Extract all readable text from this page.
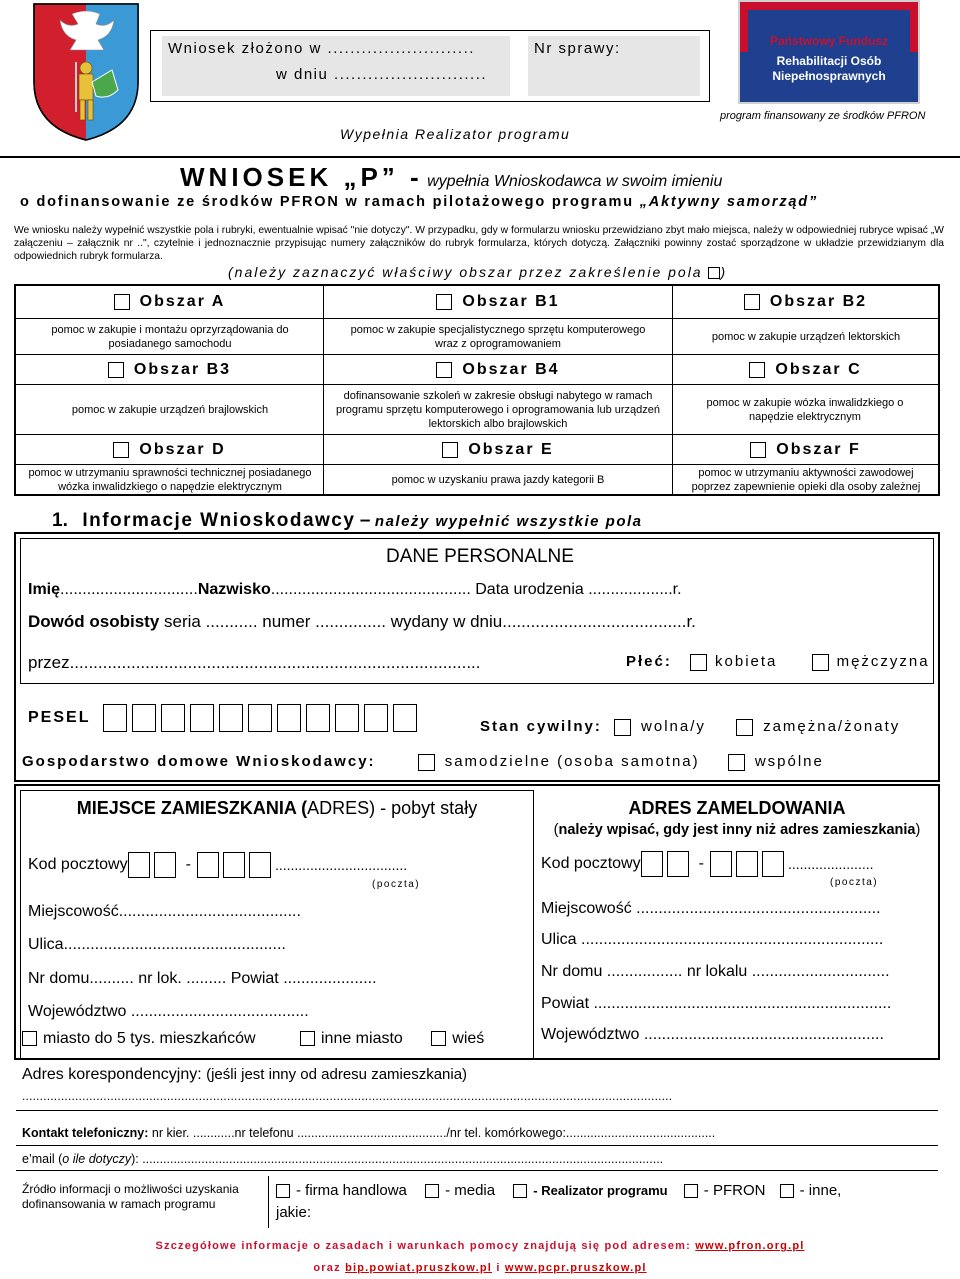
Wniosek złożono w ..........................
w dniu ...........................
Nr sprawy:
Wypełnia Realizator programu
Państwowy Fundusz
Rehabilitacji Osób
Niepełnosprawnych
program finansowany ze środków PFRON
WNIOSEK „P” - wypełnia Wnioskodawca w swoim imieniu
o dofinansowanie ze środków PFRON w ramach pilotażowego programu „Aktywny samorząd”
We wniosku należy wypełnić wszystkie pola i rubryki, ewentualnie wpisać "nie dotyczy". W przypadku, gdy w formularzu wniosku przewidziano zbyt mało miejsca, należy w odpowiedniej rubryce wpisać „W załączeniu – załącznik nr ..", czytelnie i jednoznacznie przypisując numery załączników do rubryk formularza, których dotyczą. Załączniki powinny zostać sporządzone w układzie przewidzianym dla odpowiednich rubryk formularza.
(należy zaznaczyć właściwy obszar przez zakreślenie pola )
Obszar A	Obszar B1	Obszar B2
pomoc w zakupie i montażu oprzyrządowania do posiadanego samochodu
pomoc w zakupie specjalistycznego sprzętu komputerowego wraz z oprogramowaniem
pomoc w zakupie urządzeń lektorskich
Obszar B3	Obszar B4	Obszar C
pomoc w zakupie urządzeń brajlowskich
dofinansowanie szkoleń w zakresie obsługi nabytego w ramach programu sprzętu komputerowego i oprogramowania lub urządzeń lektorskich albo brajlowskich
pomoc w zakupie wózka inwalidzkiego o napędzie elektrycznym
Obszar D	Obszar E	Obszar F
pomoc w utrzymaniu sprawności technicznej posiadanego wózka inwalidzkiego o napędzie elektrycznym
pomoc w uzyskaniu prawa jazdy kategorii B
pomoc w utrzymaniu aktywności zawodowej poprzez zapewnienie opieki dla osoby zależnej
1. Informacje Wnioskodawcy – należy wypełnić wszystkie pola
DANE PERSONALNE
Imię...............................Nazwisko............................................. Data urodzenia ...................r.
Dowód osobisty seria ........... numer ............... wydany w dniu.......................................r.
przez.......................................................................................	Płeć:	kobieta	mężczyzna
PESEL
Stan cywilny:	wolna/y	zamężna/żonaty
Gospodarstwo domowe Wnioskodawcy:	samodzielne (osoba samotna)	wspólne
MIEJSCE ZAMIESZKANIA (ADRES) - pobyt stały	ADRES ZAMELDOWANIA
(należy wpisać, gdy jest inny niż adres zamieszkania)
Kod pocztowy	-	..................................
(poczta)
Miejscowość.........................................
Ulica..................................................
Nr domu.......... nr lok. ......... Powiat .....................
Województwo ........................................
miasto do 5 tys. mieszkańców	inne miasto	wieś
Kod pocztowy	-	......................
(poczta)
Miejscowość .......................................................
Ulica ....................................................................
Nr domu ................. nr lokalu ...............................
Powiat ...................................................................
Województwo ......................................................
Adres korespondencyjny: (jeśli jest inny od adresu zamieszkania)
........................................................................................................................................................................................
Kontakt telefoniczny: nr kier. ............nr telefonu .........................................../nr tel. komórkowego:...........................................
e’mail (o ile dotyczy): ......................................................................................................................................................
Źródło informacji o możliwości uzyskania dofinansowania w ramach programu
- firma handlowa	- media	- Realizator programu - PFRON - inne,
jakie:
Szczegółowe informacje o zasadach i warunkach pomocy znajdują się pod adresem: www.pfron.org.pl
oraz bip.powiat.pruszkow.pl i www.pcpr.pruszkow.pl
